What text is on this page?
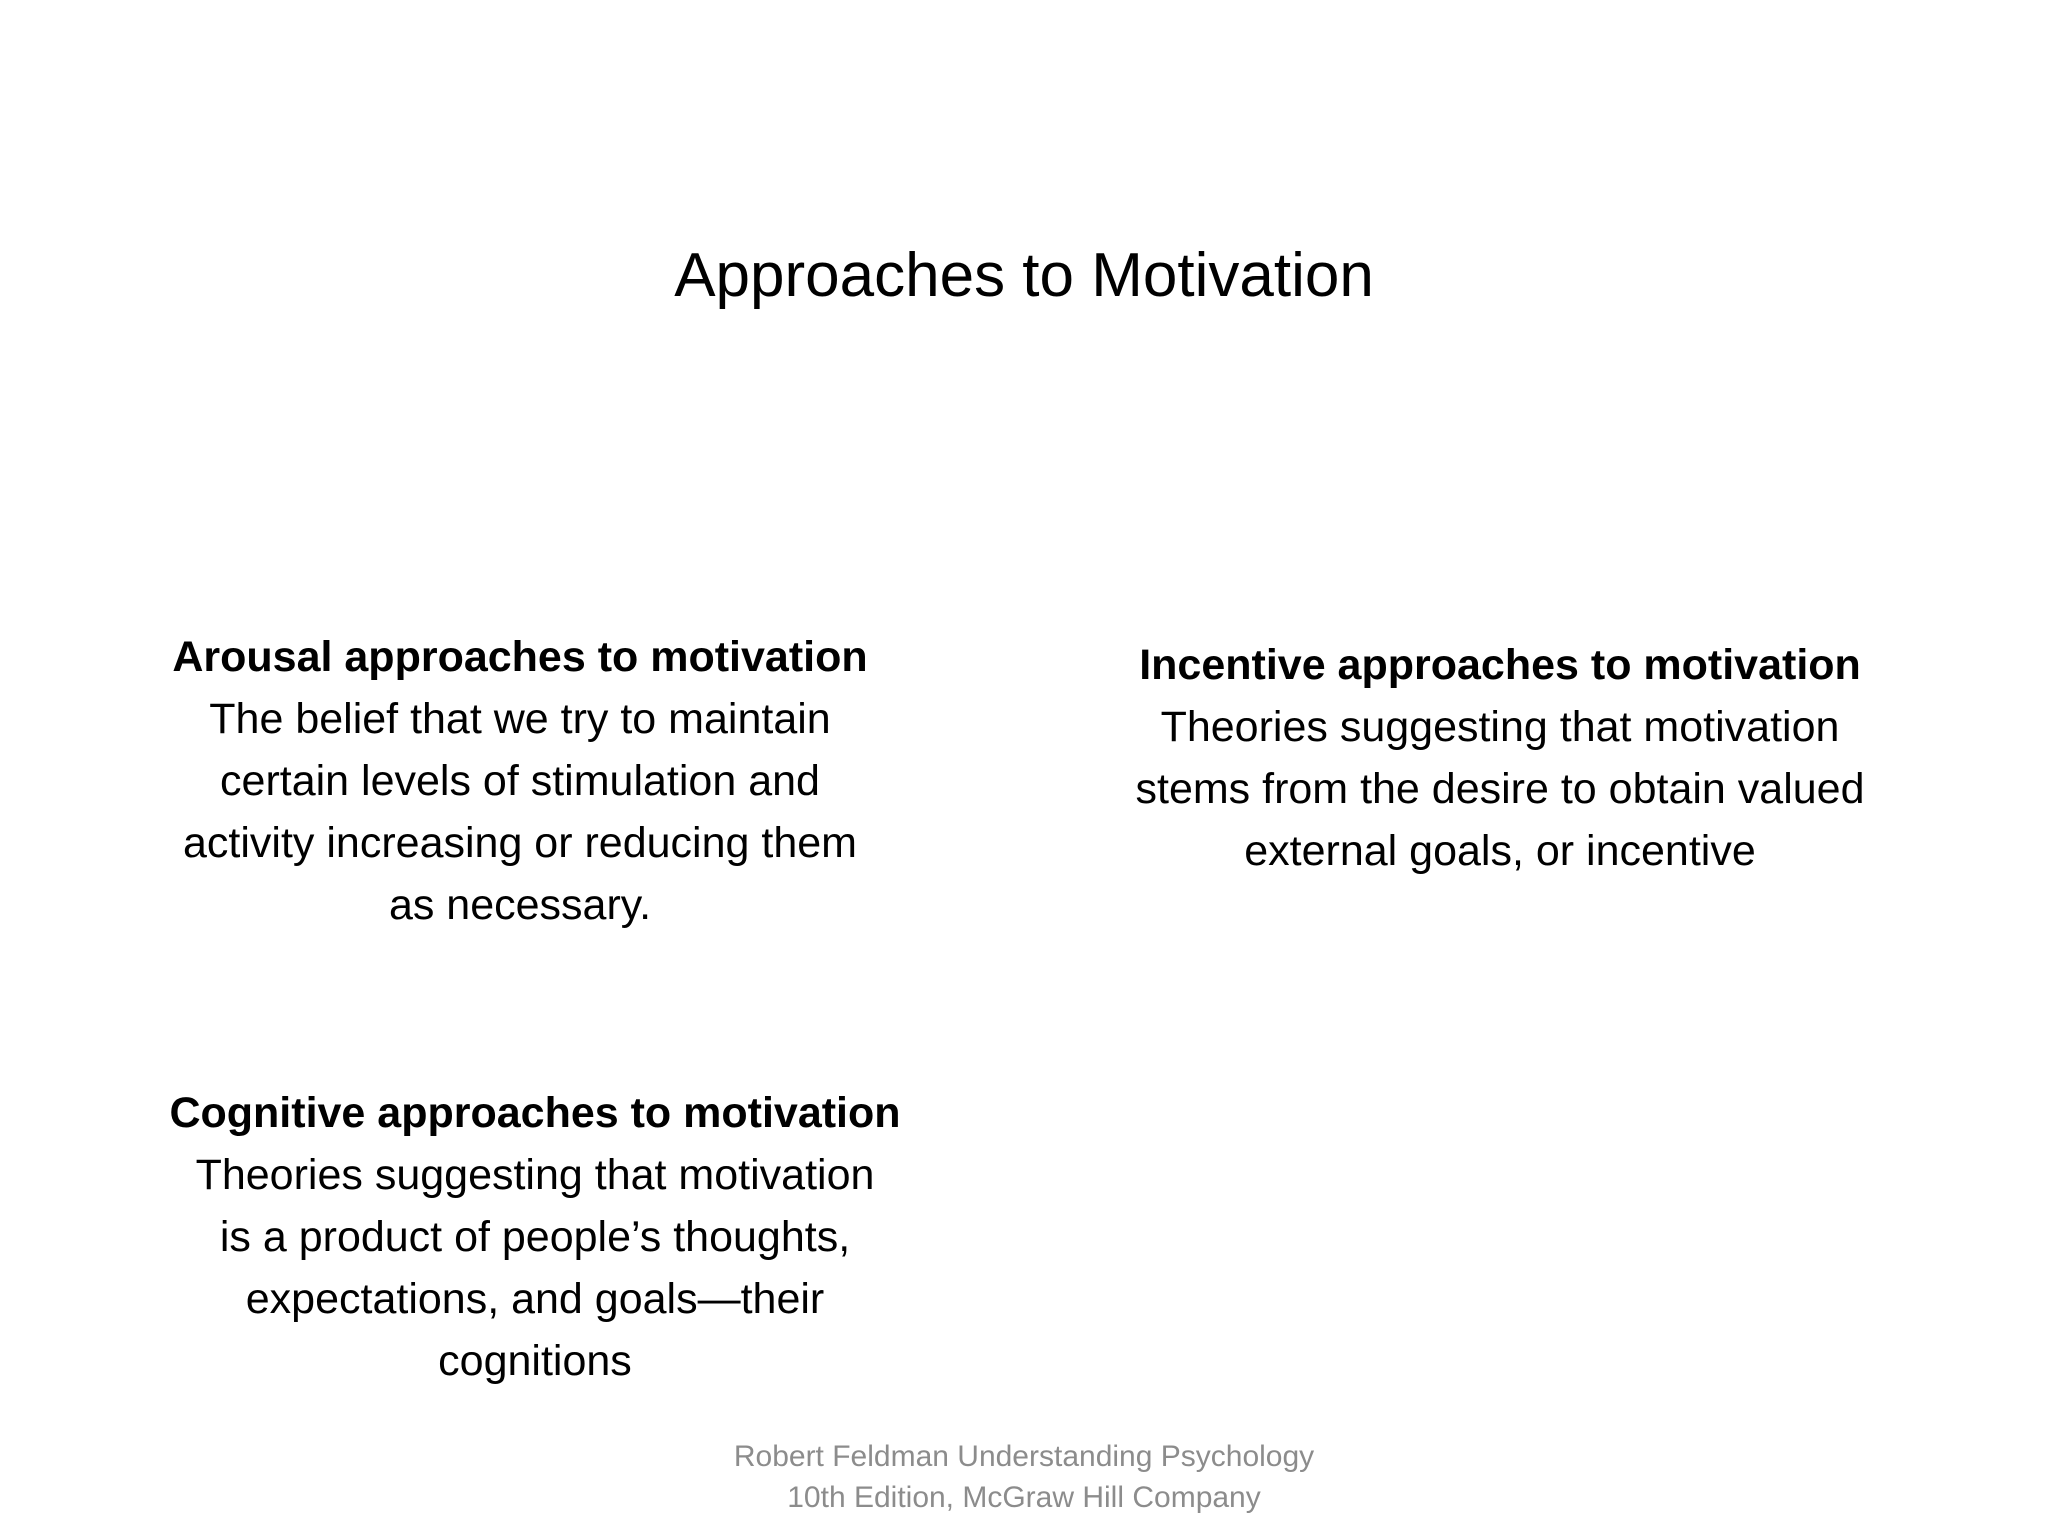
Approaches to Motivation
Arousal approaches to motivation
The belief that we try to maintain
certain levels of stimulation and
activity increasing or reducing them
as necessary.
Incentive approaches to motivation
Theories suggesting that motivation
stems from the desire to obtain valued
external goals, or incentive
Cognitive approaches to motivation
Theories suggesting that motivation
is a product of people’s thoughts,
expectations, and goals—their
cognitions
Robert Feldman Understanding Psychology
10th Edition, McGraw Hill Company
